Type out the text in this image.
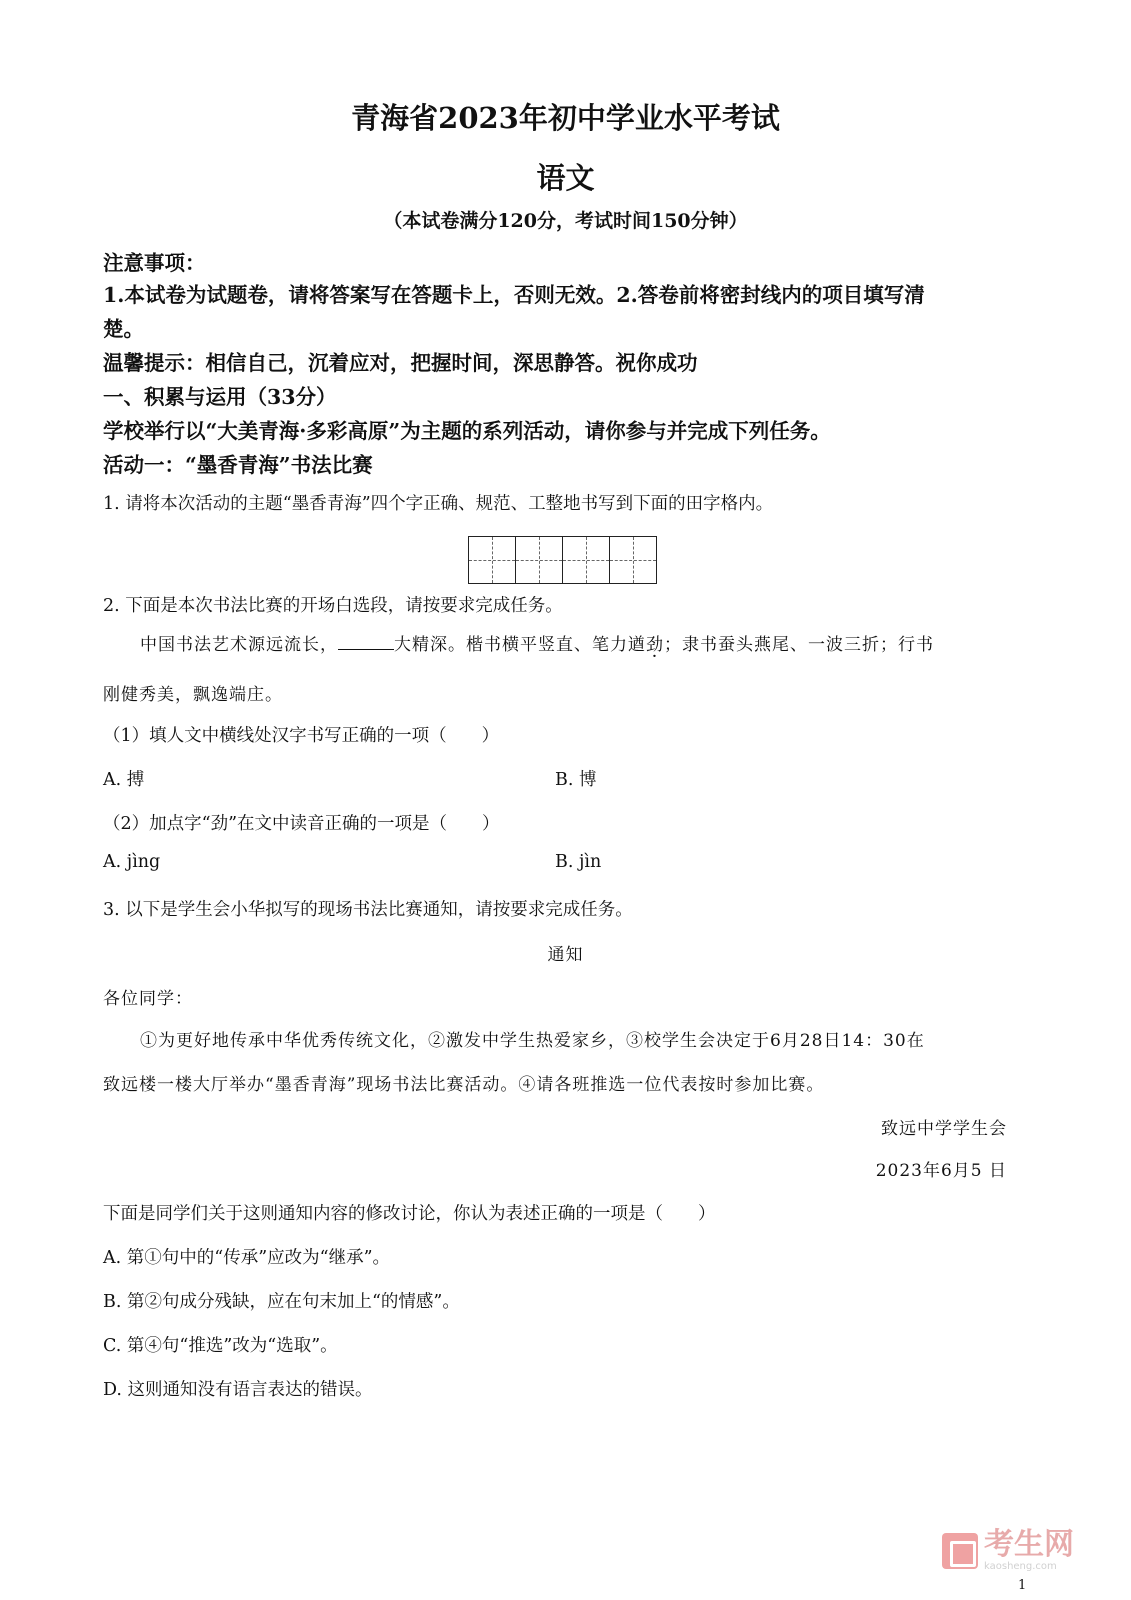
青海省2023年初中学业水平考试
语文
（本试卷满分120分，考试时间150分钟）
注意事项：
1.本试卷为试题卷，请将答案写在答题卡上，否则无效。2.答卷前将密封线内的项目填写清
楚。
温馨提示：相信自己，沉着应对，把握时间，深思静答。祝你成功
一、积累与运用（33分）
学校举行以“大美青海·多彩高原”为主题的系列活动，请你参与并完成下列任务。
活动一：“墨香青海”书法比赛
1. 请将本次活动的主题“墨香青海”四个字正确、规范、工整地书写到下面的田字格内。
2. 下面是本次书法比赛的开场白选段，请按要求完成任务。
中国书法艺术源远流长，	大精深。楷书横平竖直、笔力遒劲；隶书蚕头燕尾、一波三折；行书
刚健秀美，飘逸端庄。
（1）填人文中横线处汉字书写正确的一项（　　）
A. 搏	B. 博
（2）加点字“劲”在文中读音正确的一项是（　　）
A. jìng	B. jìn
3. 以下是学生会小华拟写的现场书法比赛通知，请按要求完成任务。
通知
各位同学：
①为更好地传承中华优秀传统文化，②激发中学生热爱家乡，③校学生会决定于6月28日14：30在
致远楼一楼大厅举办“墨香青海”现场书法比赛活动。④请各班推选一位代表按时参加比赛。
致远中学学生会
2023年6月5 日
下面是同学们关于这则通知内容的修改讨论，你认为表述正确的一项是（　　）
A. 第①句中的“传承”应改为“继承”。
B. 第②句成分残缺，应在句末加上“的情感”。
C. 第④句“推选”改为“选取”。
D. 这则通知没有语言表达的错误。
考生网
kaosheng.com
1
